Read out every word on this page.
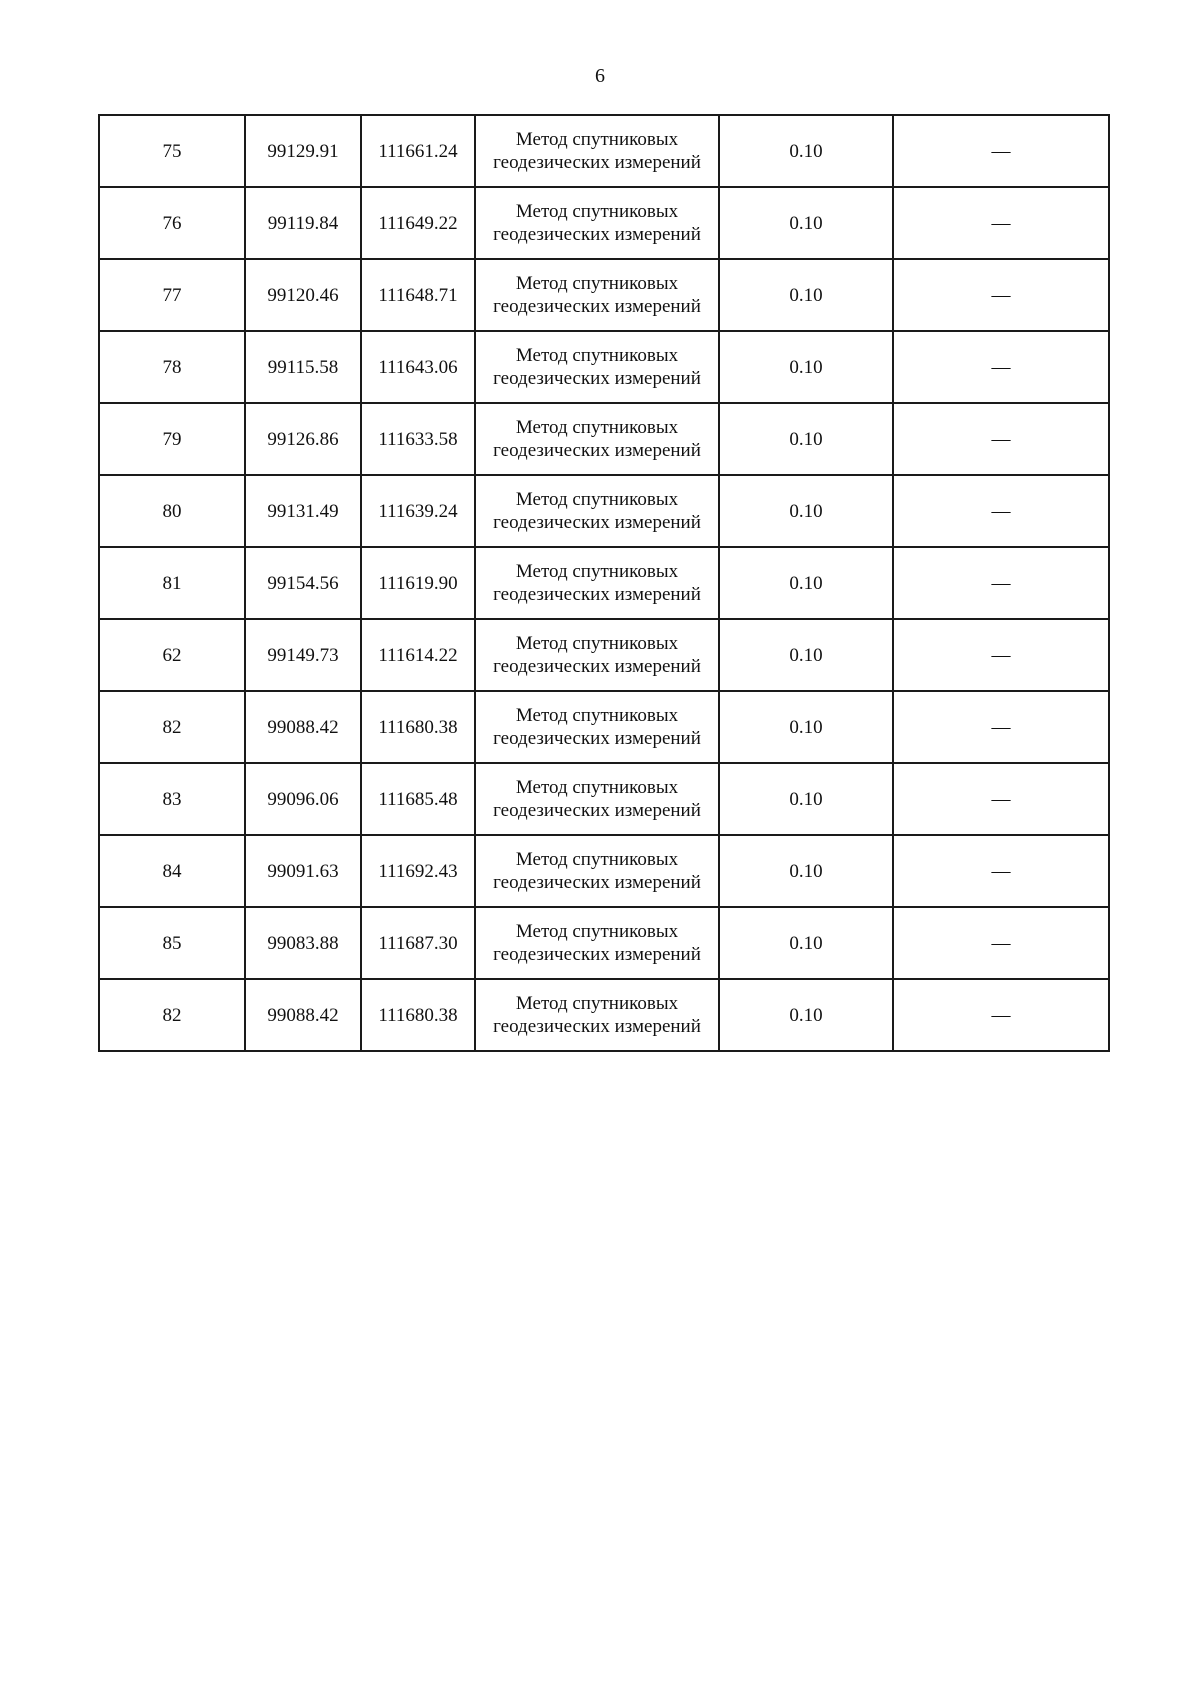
6
75	99129.91	111661.24	Метод спутниковых
геодезических измерений	0.10	—
76	99119.84	111649.22	Метод спутниковых
геодезических измерений	0.10	—
77	99120.46	111648.71	Метод спутниковых
геодезических измерений	0.10	—
78	99115.58	111643.06	Метод спутниковых
геодезических измерений	0.10	—
79	99126.86	111633.58	Метод спутниковых
геодезических измерений	0.10	—
80	99131.49	111639.24	Метод спутниковых
геодезических измерений	0.10	—
81	99154.56	111619.90	Метод спутниковых
геодезических измерений	0.10	—
62	99149.73	111614.22	Метод спутниковых
геодезических измерений	0.10	—
82	99088.42	111680.38	Метод спутниковых
геодезических измерений	0.10	—
83	99096.06	111685.48	Метод спутниковых
геодезических измерений	0.10	—
84	99091.63	111692.43	Метод спутниковых
геодезических измерений	0.10	—
85	99083.88	111687.30	Метод спутниковых
геодезических измерений	0.10	—
82	99088.42	111680.38	Метод спутниковых
геодезических измерений	0.10	—
